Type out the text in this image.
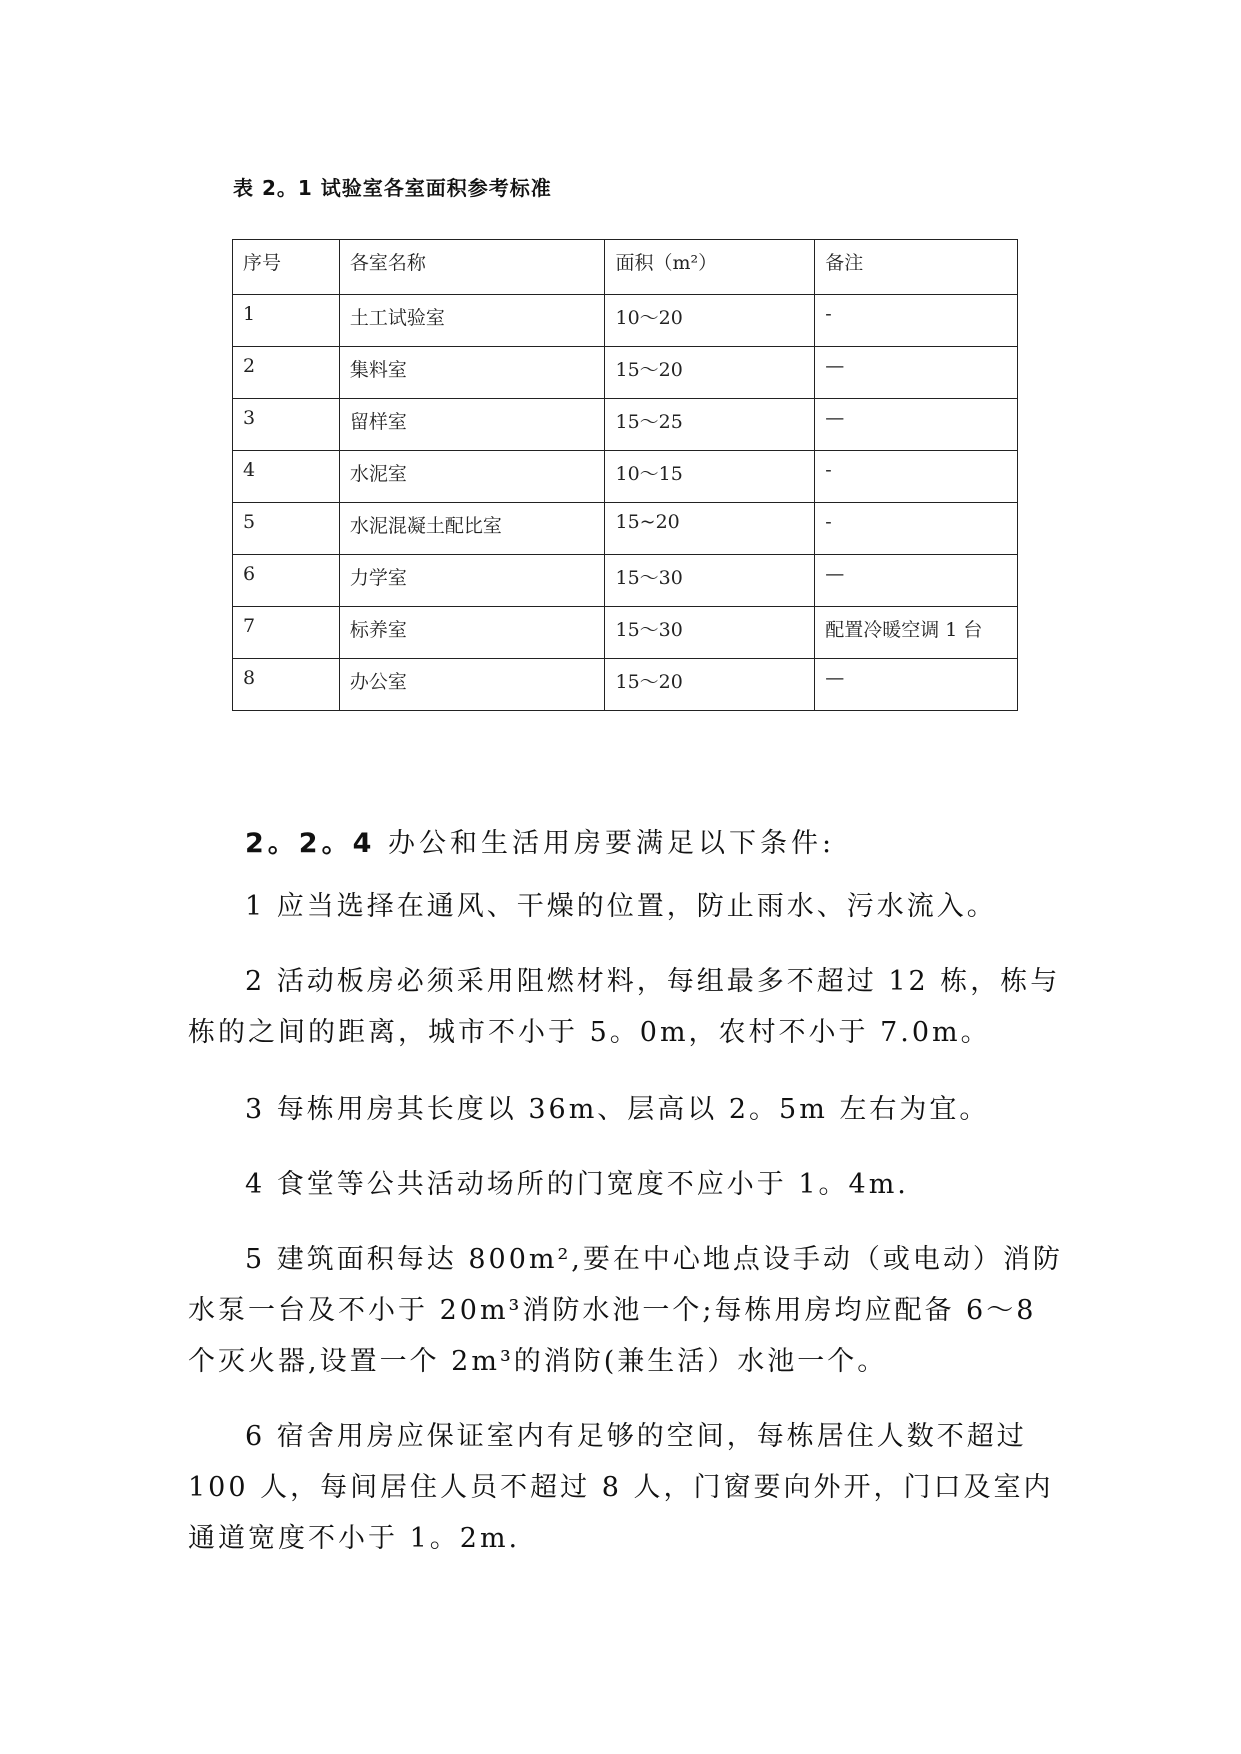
表 2。1 试验室各室面积参考标准

序号	各室名称	面积（m²）	备注
1	土工试验室	10～20	-
2	集料室	15～20	—
3	留样室	15～25	—
4	水泥室	10～15	-
5	水泥混凝土配比室	15~20	-
6	力学室	15～30	—
7	标养室	15～30	配置冷暖空调 1 台
8	办公室	15～20	—

2。2。4 办公和生活用房要满足以下条件:

1 应当选择在通风、干燥的位置，防止雨水、污水流入。

2 活动板房必须采用阻燃材料，每组最多不超过 12 栋，栋与栋的之间的距离，城市不小于 5。0m，农村不小于 7.0m。

3 每栋用房其长度以 36m、层高以 2。5m 左右为宜。

4 食堂等公共活动场所的门宽度不应小于 1。4m.

5 建筑面积每达 800m²,要在中心地点设手动（或电动）消防水泵一台及不小于 20m³消防水池一个;每栋用房均应配备 6～8 个灭火器,设置一个 2m³的消防(兼生活）水池一个。

6 宿舍用房应保证室内有足够的空间，每栋居住人数不超过 100 人，每间居住人员不超过 8 人，门窗要向外开，门口及室内通道宽度不小于 1。2m.
